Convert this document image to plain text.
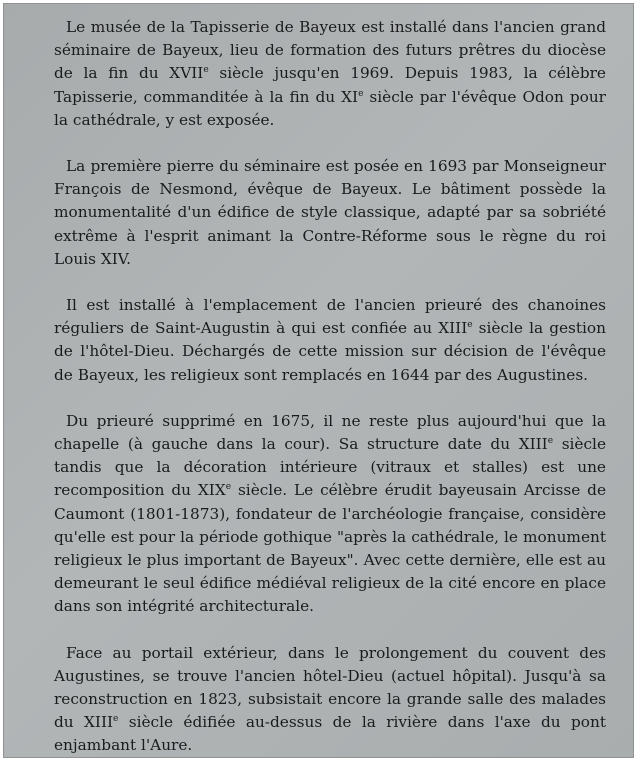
Le musée de la Tapisserie de Bayeux est installé dans l'ancien grand séminaire de Bayeux, lieu de formation des futurs prêtres du diocèse de la fin du XVIIe siècle jusqu'en 1969. Depuis 1983, la célèbre Tapisserie, commanditée à la fin du XIe siècle par l'évêque Odon pour la cathédrale, y est exposée.

La première pierre du séminaire est posée en 1693 par Monseigneur François de Nesmond, évêque de Bayeux. Le bâtiment possède la monumentalité d'un édifice de style classique, adapté par sa sobriété extrême à l'esprit animant la Contre-Réforme sous le règne du roi Louis XIV.

Il est installé à l'emplacement de l'ancien prieuré des chanoines réguliers de Saint-Augustin à qui est confiée au XIIIe siècle la gestion de l'hôtel-Dieu. Déchargés de cette mission sur décision de l'évêque de Bayeux, les religieux sont remplacés en 1644 par des Augustines.

Du prieuré supprimé en 1675, il ne reste plus aujourd'hui que la chapelle (à gauche dans la cour). Sa structure date du XIIIe siècle tandis que la décoration intérieure (vitraux et stalles) est une recomposition du XIXe siècle. Le célèbre érudit bayeusain Arcisse de Caumont (1801-1873), fondateur de l'archéologie française, considère qu'elle est pour la période gothique "après la cathédrale, le monument religieux le plus important de Bayeux". Avec cette dernière, elle est au demeurant le seul édifice médiéval religieux de la cité encore en place dans son intégrité architecturale.

Face au portail extérieur, dans le prolongement du couvent des Augustines, se trouve l'ancien hôtel-Dieu (actuel hôpital). Jusqu'à sa reconstruction en 1823, subsistait encore la grande salle des malades du XIIIe siècle édifiée au-dessus de la rivière dans l'axe du pont enjambant l'Aure.
